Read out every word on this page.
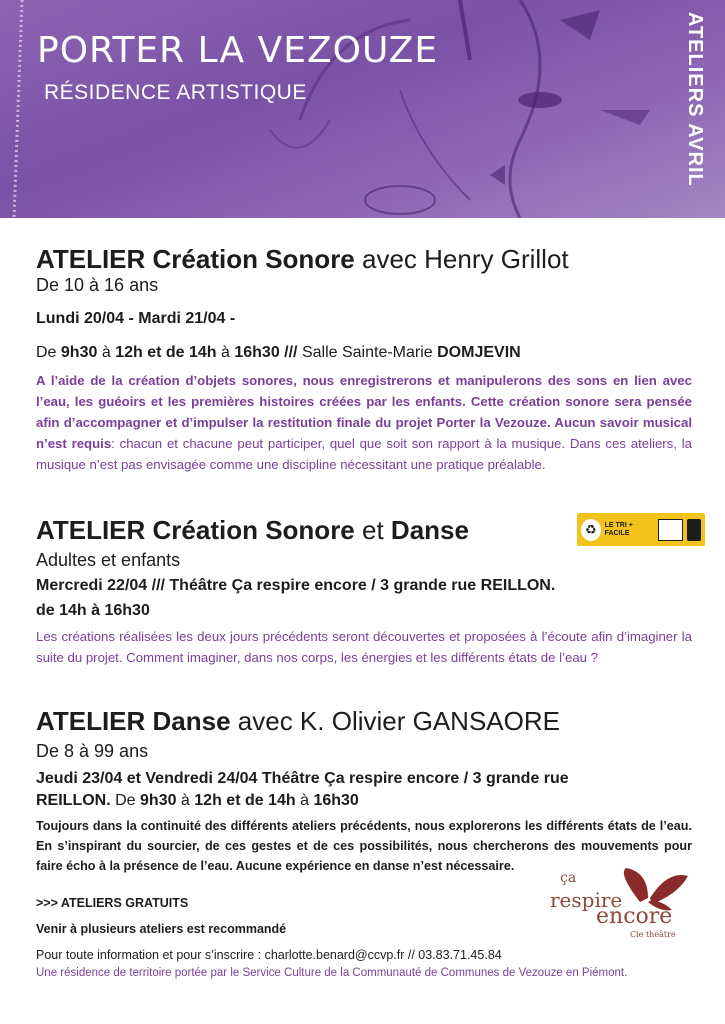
PORTER LA VEZOUZE
RÉSIDENCE ARTISTIQUE	ATELIERS AVRIL

ATELIER Création Sonore avec Henry Grillot

De 10 à 16 ans

Lundi 20/04 - Mardi 21/04 -

De 9h30 à 12h et de 14h à 16h30 /// Salle Sainte-Marie DOMJEVIN

A l’aide de la création d’objets sonores, nous enregistrerons et manipulerons des sons en lien avec l’eau, les guéoirs et les premières histoires créées par les enfants. Cette création sonore sera pensée afin d’accompagner et d’impulser la restitution finale du projet Porter la Vezouze. Aucun savoir musical n’est requis: chacun et chacune peut participer, quel que soit son rapport à la musique. Dans ces ateliers, la musique n’est pas envisagée comme une discipline nécessitant une pratique préalable.

♻	LE TRI + FACILE

ATELIER Création Sonore et Danse

Adultes et enfants

Mercredi 22/04 /// Théâtre Ça respire encore / 3 grande rue REILLON.

de 14h à 16h30

Les créations réalisées les deux jours précédents seront découvertes et proposées à l’écoute afin d’imaginer la suite du projet. Comment imaginer, dans nos corps, les énergies et les différents états de l’eau ?

ATELIER Danse avec K. Olivier GANSAORE

De 8 à 99 ans

Jeudi 23/04 et Vendredi 24/04 Théâtre Ça respire encore / 3 grande rue

REILLON. De 9h30 à 12h et de 14h à 16h30

Toujours dans la continuité des différents ateliers précédents, nous explorerons les différents états de l’eau. En s’inspirant du sourcier, de ces gestes et de ces possibilités, nous chercherons des mouvements pour faire écho à la présence de l’eau. Aucune expérience en danse n’est nécessaire.

>>> ATELIERS GRATUITS

Venir à plusieurs ateliers est recommandé

Pour toute information et pour s’inscrire : charlotte.benard@ccvp.fr // 03.83.71.45.84

Une résidence de territoire portée par le Service Culture de la Communauté de Communes de Vezouze en Piémont.

ça
respire
encore
Cie théâtre
